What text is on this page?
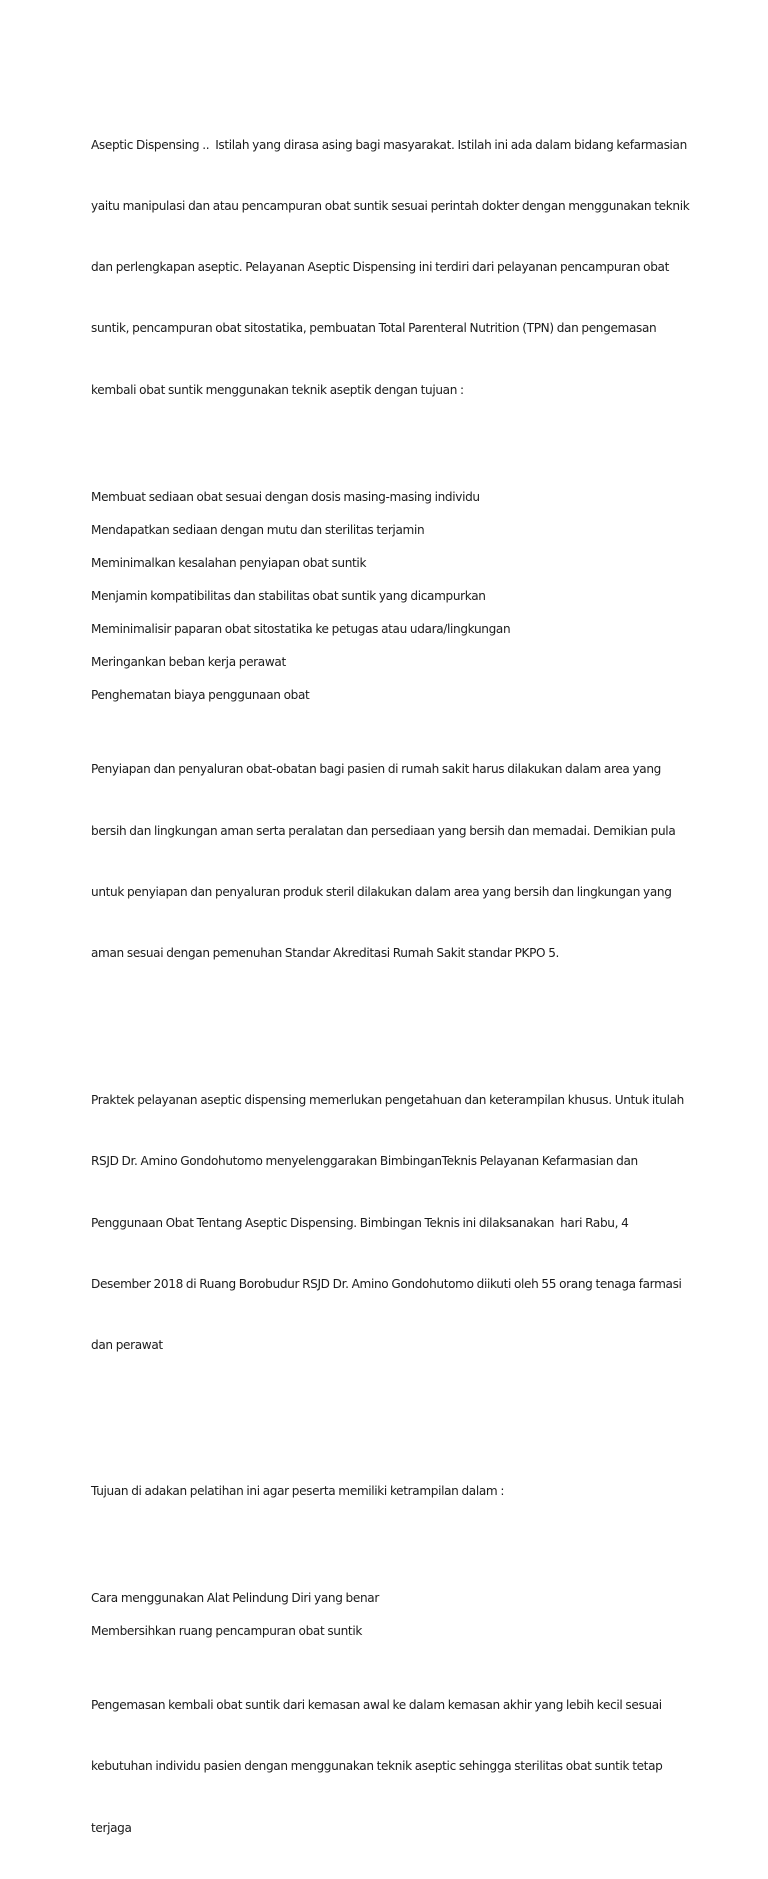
Aseptic Dispensing ..  Istilah yang dirasa asing bagi masyarakat. Istilah ini ada dalam bidang kefarmasian

yaitu manipulasi dan atau pencampuran obat suntik sesuai perintah dokter dengan menggunakan teknik

dan perlengkapan aseptic. Pelayanan Aseptic Dispensing ini terdiri dari pelayanan pencampuran obat

suntik, pencampuran obat sitostatika, pembuatan Total Parenteral Nutrition (TPN) dan pengemasan

kembali obat suntik menggunakan teknik aseptik dengan tujuan :

Membuat sediaan obat sesuai dengan dosis masing-masing individu

Mendapatkan sediaan dengan mutu dan sterilitas terjamin

Meminimalkan kesalahan penyiapan obat suntik

Menjamin kompatibilitas dan stabilitas obat suntik yang dicampurkan

Meminimalisir paparan obat sitostatika ke petugas atau udara/lingkungan

Meringankan beban kerja perawat

Penghematan biaya penggunaan obat

Penyiapan dan penyaluran obat-obatan bagi pasien di rumah sakit harus dilakukan dalam area yang

bersih dan lingkungan aman serta peralatan dan persediaan yang bersih dan memadai. Demikian pula

untuk penyiapan dan penyaluran produk steril dilakukan dalam area yang bersih dan lingkungan yang

aman sesuai dengan pemenuhan Standar Akreditasi Rumah Sakit standar PKPO 5.

Praktek pelayanan aseptic dispensing memerlukan pengetahuan dan keterampilan khusus. Untuk itulah

RSJD Dr. Amino Gondohutomo menyelenggarakan BimbinganTeknis Pelayanan Kefarmasian dan

Penggunaan Obat Tentang Aseptic Dispensing. Bimbingan Teknis ini dilaksanakan  hari Rabu, 4

Desember 2018 di Ruang Borobudur RSJD Dr. Amino Gondohutomo diikuti oleh 55 orang tenaga farmasi

dan perawat

Tujuan di adakan pelatihan ini agar peserta memiliki ketrampilan dalam :

Cara menggunakan Alat Pelindung Diri yang benar

Membersihkan ruang pencampuran obat suntik

Pengemasan kembali obat suntik dari kemasan awal ke dalam kemasan akhir yang lebih kecil sesuai

kebutuhan individu pasien dengan menggunakan teknik aseptic sehingga sterilitas obat suntik tetap

terjaga
